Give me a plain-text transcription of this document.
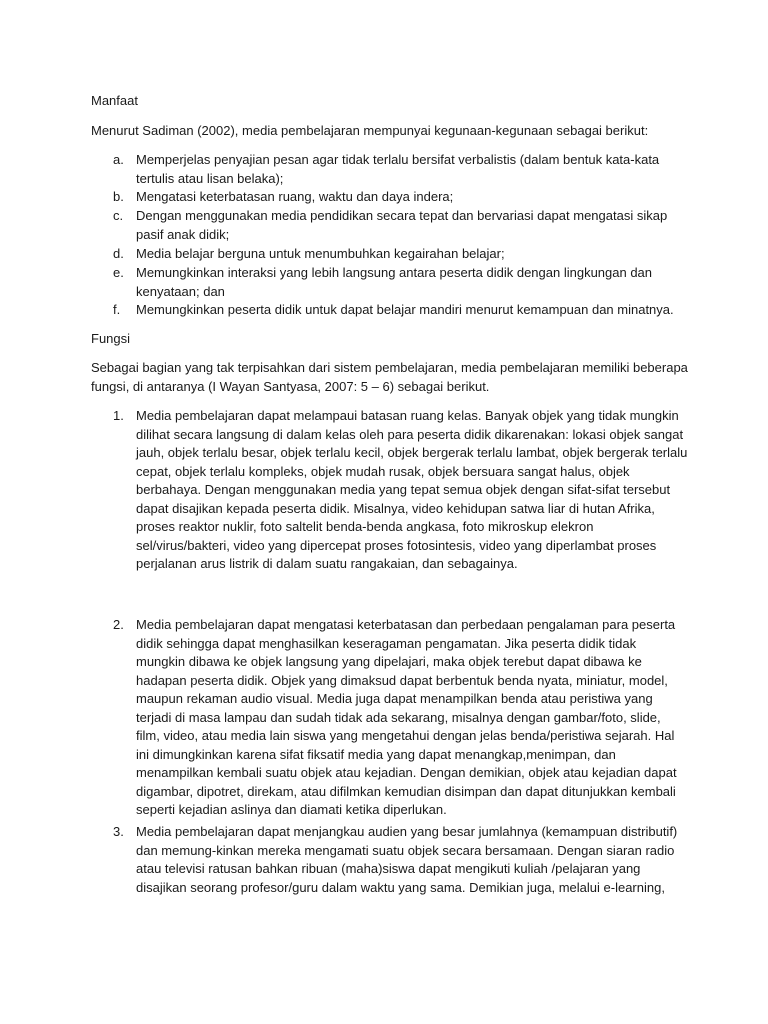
Manfaat
Menurut Sadiman (2002), media pembelajaran mempunyai kegunaan-kegunaan sebagai berikut:
a. Memperjelas penyajian pesan agar tidak terlalu bersifat verbalistis (dalam bentuk kata-kata tertulis atau lisan belaka);
b. Mengatasi keterbatasan ruang, waktu dan daya indera;
c. Dengan menggunakan media pendidikan secara tepat dan bervariasi dapat mengatasi sikap pasif anak didik;
d. Media belajar berguna untuk menumbuhkan kegairahan belajar;
e. Memungkinkan interaksi yang lebih langsung antara peserta didik dengan lingkungan dan kenyataan; dan
f. Memungkinkan peserta didik untuk dapat belajar mandiri menurut kemampuan dan minatnya.
Fungsi
Sebagai bagian yang tak terpisahkan dari sistem pembelajaran, media pembelajaran memiliki beberapa fungsi, di antaranya (I Wayan Santyasa, 2007: 5 – 6) sebagai berikut.
1. Media pembelajaran dapat melampaui batasan ruang kelas. Banyak objek yang tidak mungkin dilihat secara langsung di dalam kelas oleh para peserta didik dikarenakan: lokasi objek sangat jauh, objek terlalu besar, objek terlalu kecil, objek bergerak terlalu lambat, objek bergerak terlalu cepat, objek terlalu kompleks, objek mudah rusak, objek bersuara sangat halus, objek berbahaya. Dengan menggunakan media yang tepat semua objek dengan sifat-sifat tersebut dapat disajikan kepada peserta didik. Misalnya, video kehidupan satwa liar di hutan Afrika, proses reaktor nuklir, foto saltelit benda-benda angkasa, foto mikroskup elekron sel/virus/bakteri, video yang dipercepat proses fotosintesis, video yang diperlambat proses perjalanan arus listrik di dalam suatu rangakaian, dan sebagainya.
2. Media pembelajaran dapat mengatasi keterbatasan dan perbedaan pengalaman para peserta didik sehingga dapat menghasilkan keseragaman pengamatan. Jika peserta didik tidak mungkin dibawa ke objek langsung yang dipelajari, maka objek terebut dapat dibawa ke hadapan peserta didik. Objek yang dimaksud dapat berbentuk benda nyata, miniatur, model, maupun rekaman audio visual. Media juga dapat menampilkan benda atau peristiwa yang terjadi di masa lampau dan sudah tidak ada sekarang, misalnya dengan gambar/foto, slide, film, video, atau media lain siswa yang mengetahui dengan jelas benda/peristiwa sejarah. Hal ini dimungkinkan karena sifat fiksatif media yang dapat menangkap,menimpan, dan menampilkan kembali suatu objek atau kejadian. Dengan demikian, objek atau kejadian dapat digambar, dipotret, direkam, atau difilmkan kemudian disimpan dan dapat ditunjukkan kembali seperti kejadian aslinya dan diamati ketika diperlukan.
3. Media pembelajaran dapat menjangkau audien yang besar jumlahnya (kemampuan distributif) dan memung-kinkan mereka mengamati suatu objek secara bersamaan. Dengan siaran radio atau televisi ratusan bahkan ribuan (maha)siswa dapat mengikuti kuliah /pelajaran yang disajikan seorang profesor/guru dalam waktu yang sama. Demikian juga, melalui e-learning,
